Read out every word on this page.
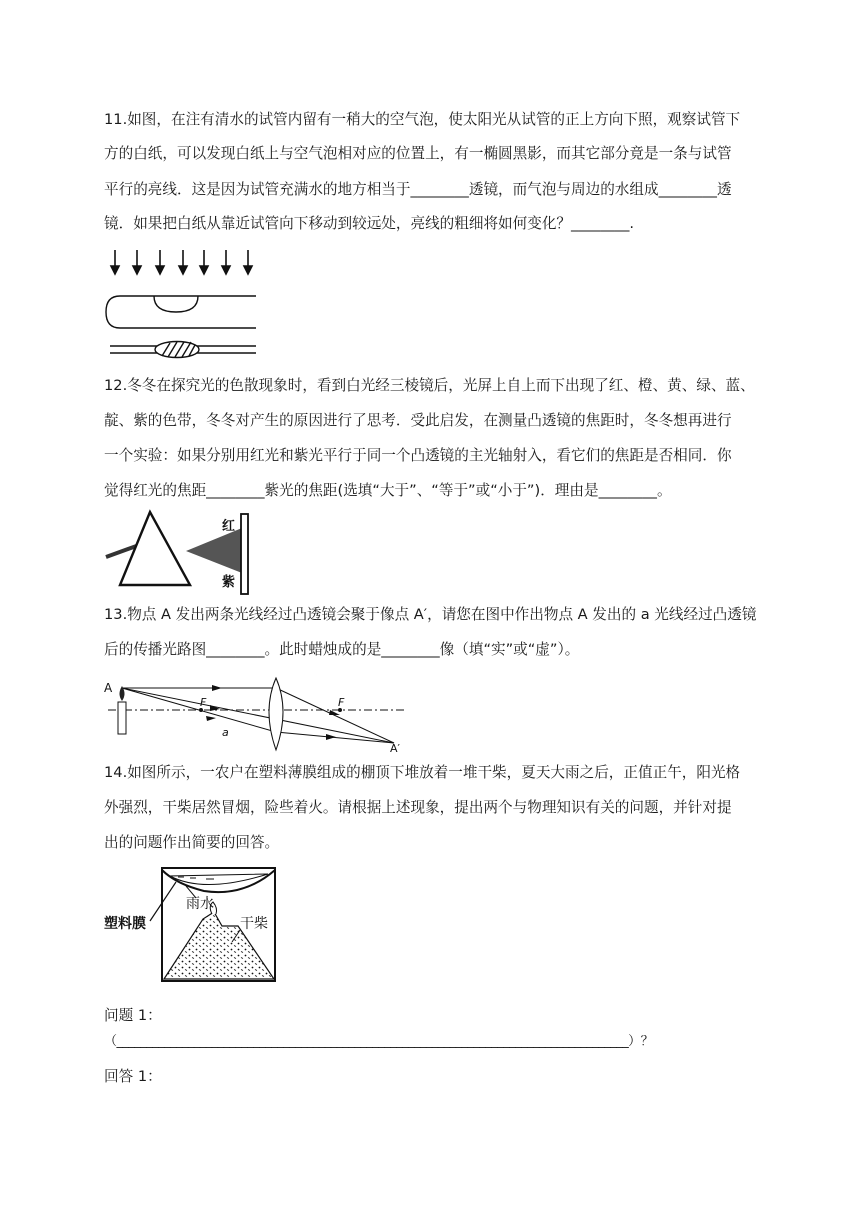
11.如图，在注有清水的试管内留有一稍大的空气泡，使太阳光从试管的正上方向下照，观察试管下
方的白纸，可以发现白纸上与空气泡相对应的位置上，有一椭圆黑影，而其它部分竟是一条与试管
平行的亮线．这是因为试管充满水的地方相当于________透镜，而气泡与周边的水组成________透
镜．如果把白纸从靠近试管向下移动到较远处，亮线的粗细将如何变化？________.
12.冬冬在探究光的色散现象时，看到白光经三棱镜后，光屏上自上而下出现了红、橙、黄、绿、蓝、
靛、紫的色带，冬冬对产生的原因进行了思考．受此启发，在测量凸透镜的焦距时，冬冬想再进行
一个实验：如果分别用红光和紫光平行于同一个凸透镜的主光轴射入，看它们的焦距是否相同．你
觉得红光的焦距________紫光的焦距(选填“大于”、“等于”或“小于”)．理由是________。
红
紫
13.物点 A 发出两条光线经过凸透镜会聚于像点 A′，请您在图中作出物点 A 发出的 a 光线经过凸透镜
后的传播光路图________。此时蜡烛成的是________像（填“实”或“虚”）。
A
F	F
a
A′
14.如图所示，一农户在塑料薄膜组成的棚顶下堆放着一堆干柴，夏天大雨之后，正值正午，阳光格
外强烈，干柴居然冒烟，险些着火。请根据上述现象，提出两个与物理知识有关的问题，并针对提
出的问题作出简要的回答。
塑料膜
雨水
干柴
问题 1：
（______________________________________________________________________________________）？
回答 1：
